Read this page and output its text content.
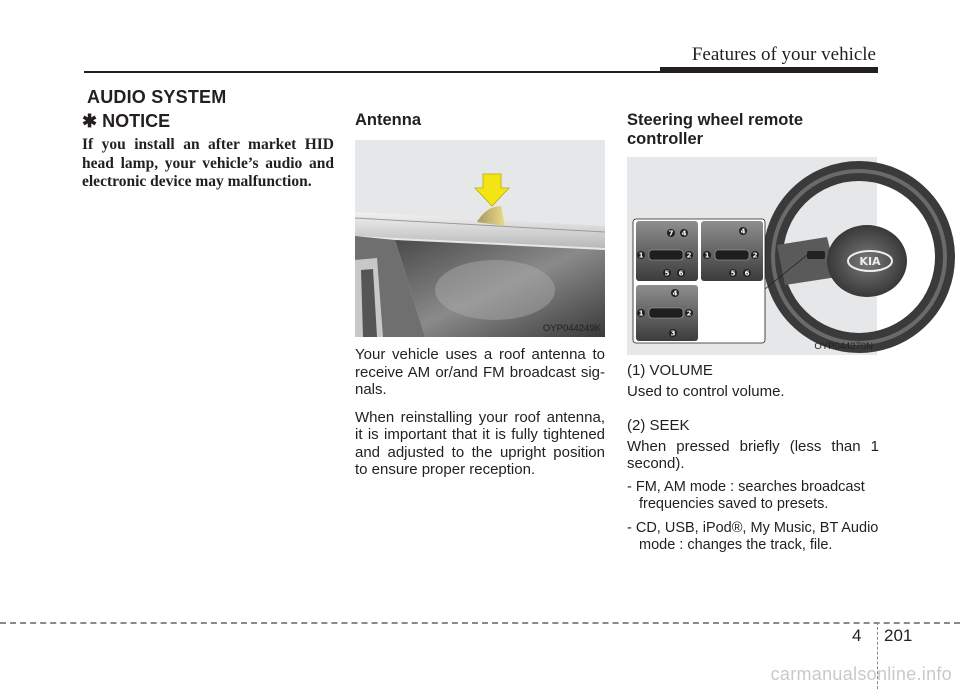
Features of your vehicle
AUDIO SYSTEM
✱ NOTICE
If you install an after market HID head lamp, your vehicle’s audio and electronic device may malfunction.
Antenna
OYP044249K

Your vehicle uses a roof antenna to receive AM or/and FM broadcast sig-nals.

When reinstalling your roof antenna, it is important that it is fully tightened and adjusted to the upright position to ensure proper reception.

Steering wheel remote
controller
KIA
1	2
7 4
5 6
1	2
4
5 6
1	2
4
3
OYP044270N
(1) VOLUME
Used to control volume.
(2) SEEK
When pressed briefly (less than 1 second).
- FM, AM mode : searches broadcast frequencies saved to presets.
- CD, USB, iPod®, My Music, BT Audio mode : changes the track, file.
4 201
carmanualsonline.info
